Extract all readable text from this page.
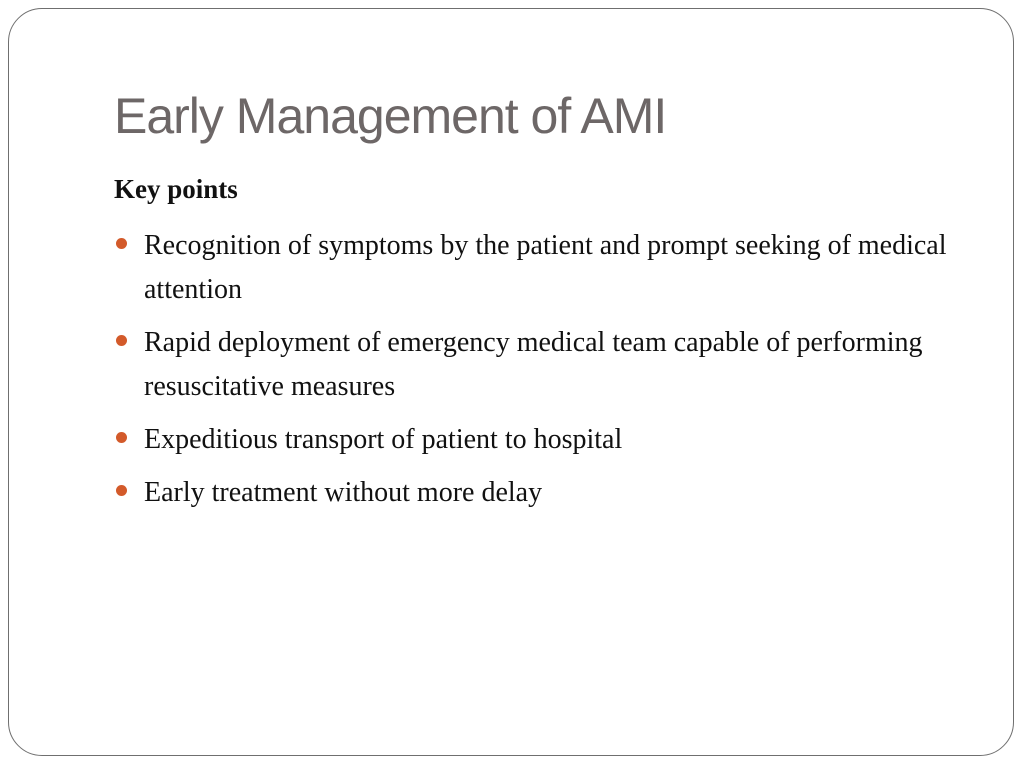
Early Management of AMI
Key points
Recognition of symptoms by the patient and prompt seeking of medical attention
Rapid deployment of emergency medical team capable of performing resuscitative measures
Expeditious transport of patient to hospital
Early treatment without more delay
